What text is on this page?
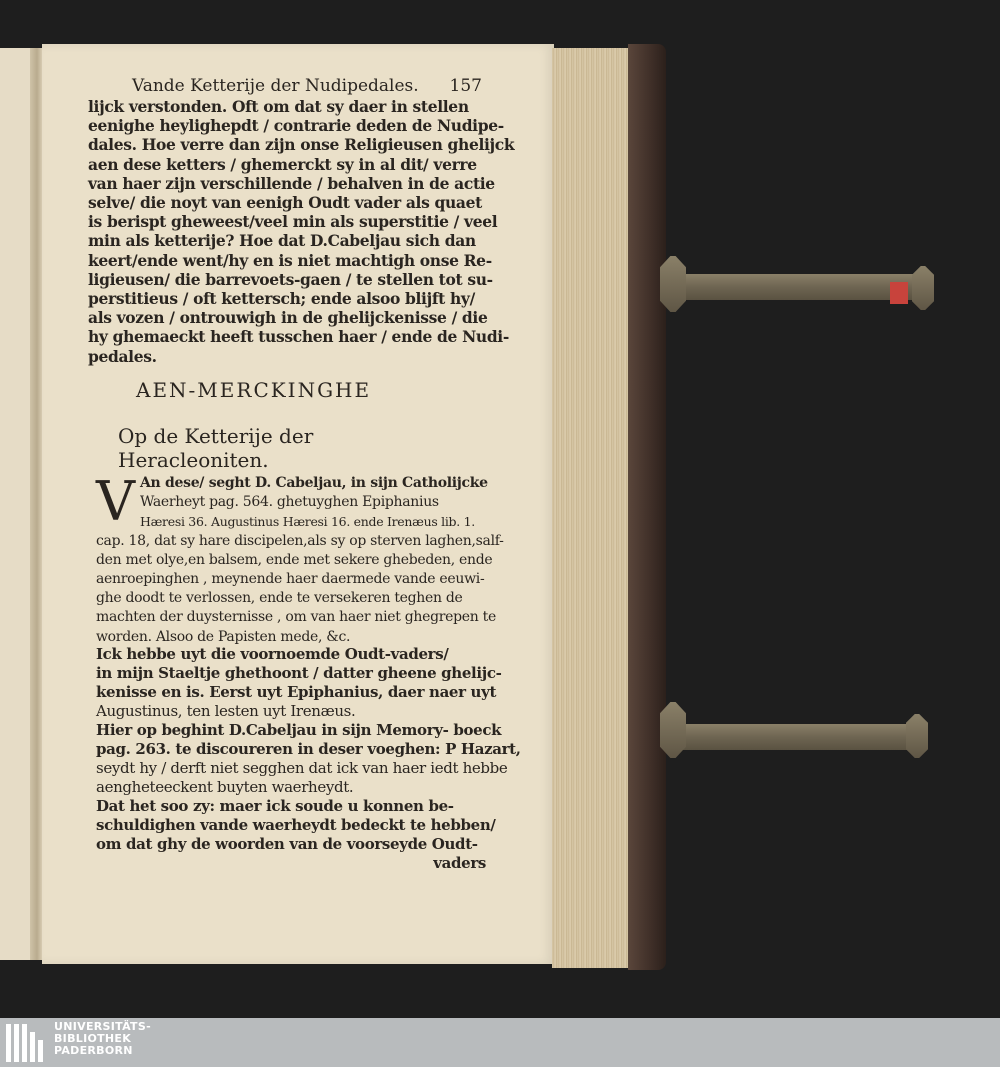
Vande Ketterije der Nudipedales. 157
lijck verstonden. Oft om dat sy daer in stellen
eenighe heylighepdt / contrarie deden de Nudipe-
dales. Hoe verre dan zijn onse Religieusen ghelijck
aen dese ketters / ghemerckt sy in al dit/ verre
van haer zijn verschillende / behalven in de actie
selve/ die noyt van eenigh Oudt vader als quaet
is berispt gheweest/veel min als superstitie / veel
min als ketterije? Hoe dat D.Cabeljau sich dan
keert/ende went/hy en is niet machtigh onse Re-
ligieusen/ die barrevoets-gaen / te stellen tot su-
perstitieus / oft kettersch; ende alsoo blijft hy/
als vozen / ontrouwigh in de ghelijckenisse / die
hy ghemaeckt heeft tusschen haer / ende de Nudi-
pedales.
AEN-MERCKINGHE
Op de Ketterije der Heracleoniten.
V An dese/ seght D. Cabeljau, in sijn Catholijcke
Waerheyt pag. 564. ghetuyghen Epiphanius
Hæresi 36. Augustinus Hæresi 16. ende Irenæus lib. 1.
cap. 18, dat sy hare discipelen,als sy op sterven laghen,salf-
den met olye,en balsem, ende met sekere ghebeden, ende
aenroepinghen , meynende haer daermede vande eeuwi-
ghe doodt te verlossen, ende te versekeren teghen de
machten der duysternisse , om van haer niet ghegrepen te
worden. Alsoo de Papisten mede, &c.
Ick hebbe uyt die voornoemde Oudt-vaders/
in mijn Staeltje ghethoont / datter gheene ghelijc-
kenisse en is. Eerst uyt Epiphanius, daer naer uyt
Augustinus, ten lesten uyt Irenæus.
Hier op beghint D.Cabeljau in sijn Memory- boeck
pag. 263. te discoureren in deser voeghen: P Hazart,
seydt hy / derft niet segghen dat ick van haer iedt hebbe
aengheteeckent buyten waerheydt.
Dat het soo zy: maer ick soude u konnen be-
schuldighen vande waerheydt bedeckt te hebben/
om dat ghy de woorden van de voorseyde Oudt-
vaders
UNIVERSITÄTS-
BIBLIOTHEK
PADERBORN
